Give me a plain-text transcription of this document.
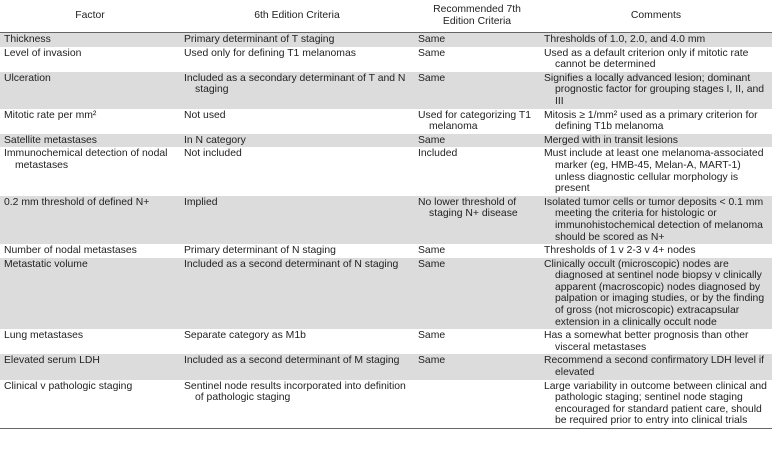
Factor	6th Edition Criteria	Recommended 7th Edition Criteria	Comments

Thickness	Primary determinant of T staging	Same	Thresholds of 1.0, 2.0, and 4.0 mm

Level of invasion	Used only for defining T1 melanomas	Same	Used as a default criterion only if mitotic rate cannot be determined

Ulceration	Included as a secondary determinant of T and N staging	Same	Signifies a locally advanced lesion; dominant prognostic factor for grouping stages I, II, and III

Mitotic rate per mm²	Not used	Used for categorizing T1 melanoma	Mitosis ≥ 1/mm² used as a primary criterion for defining T1b melanoma

Satellite metastases	In N category	Same	Merged with in transit lesions

Immunochemical detection of nodal metastases	Not included	Included	Must include at least one melanoma-associated marker (eg, HMB-45, Melan-A, MART-1) unless diagnostic cellular morphology is present

0.2 mm threshold of defined N+	Implied	No lower threshold of staging N+ disease	Isolated tumor cells or tumor deposits < 0.1 mm meeting the criteria for histologic or immunohistochemical detection of melanoma should be scored as N+

Number of nodal metastases	Primary determinant of N staging	Same	Thresholds of 1 v 2-3 v 4+ nodes

Metastatic volume	Included as a second determinant of N staging	Same	Clinically occult (microscopic) nodes are diagnosed at sentinel node biopsy v clinically apparent (macroscopic) nodes diagnosed by palpation or imaging studies, or by the finding of gross (not microscopic) extracapsular extension in a clinically occult node

Lung metastases	Separate category as M1b	Same	Has a somewhat better prognosis than other visceral metastases

Elevated serum LDH	Included as a second determinant of M staging	Same	Recommend a second confirmatory LDH level if elevated

Clinical v pathologic staging	Sentinel node results incorporated into definition of pathologic staging		Large variability in outcome between clinical and pathologic staging; sentinel node staging encouraged for standard patient care, should be required prior to entry into clinical trials
